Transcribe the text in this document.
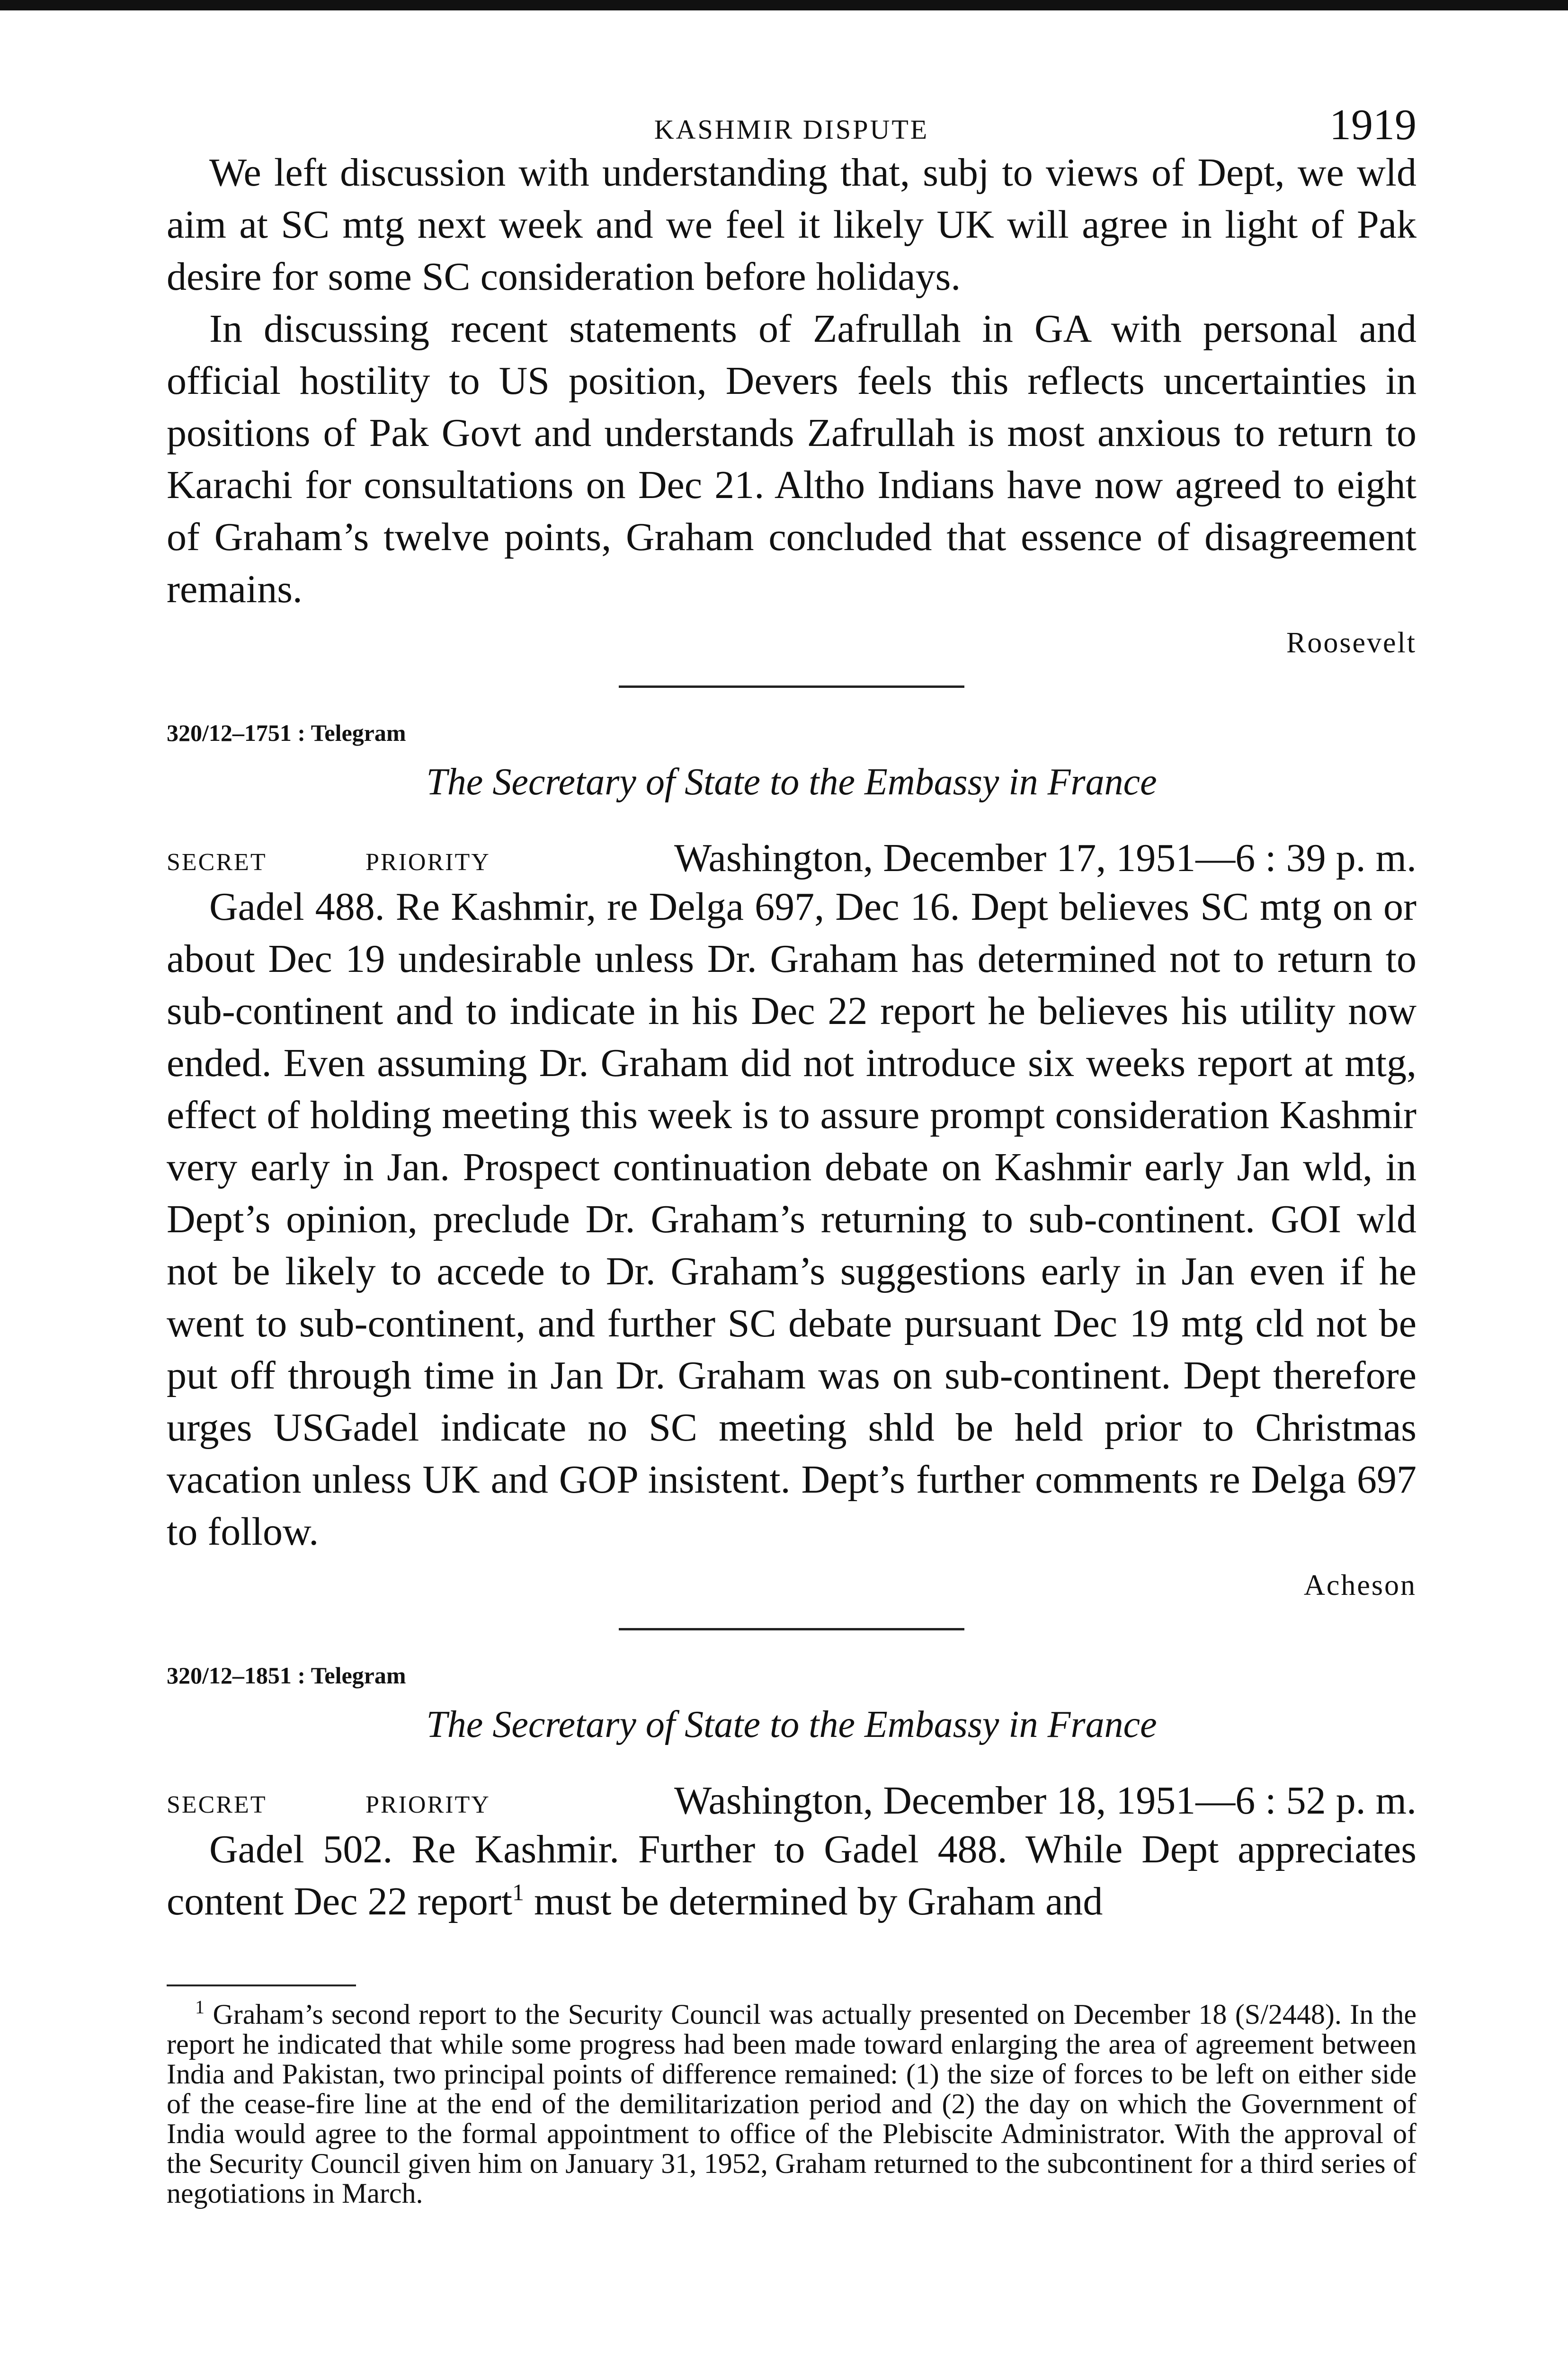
KASHMIR DISPUTE	1919

We left discussion with understanding that, subj to views of Dept, we wld aim at SC mtg next week and we feel it likely UK will agree in light of Pak desire for some SC consideration before holidays.

In discussing recent statements of Zafrullah in GA with personal and official hostility to US position, Devers feels this reflects uncertainties in positions of Pak Govt and understands Zafrullah is most anxious to return to Karachi for consultations on Dec 21. Altho Indians have now agreed to eight of Graham’s twelve points, Graham concluded that essence of disagreement remains.

Roosevelt
320/12–1751 : Telegram
The Secretary of State to the Embassy in France
SECRET	PRIORITY	Washington, December 17, 1951—6 : 39 p. m.

Gadel 488. Re Kashmir, re Delga 697, Dec 16. Dept believes SC mtg on or about Dec 19 undesirable unless Dr. Graham has determined not to return to sub-continent and to indicate in his Dec 22 report he believes his utility now ended. Even assuming Dr. Graham did not introduce six weeks report at mtg, effect of holding meeting this week is to assure prompt consideration Kashmir very early in Jan. Prospect continuation debate on Kashmir early Jan wld, in Dept’s opinion, preclude Dr. Graham’s returning to sub-continent. GOI wld not be likely to accede to Dr. Graham’s suggestions early in Jan even if he went to sub-continent, and further SC debate pursuant Dec 19 mtg cld not be put off through time in Jan Dr. Graham was on sub-continent. Dept therefore urges USGadel indicate no SC meeting shld be held prior to Christmas vacation unless UK and GOP insistent. Dept’s further comments re Delga 697 to follow.

Acheson
320/12–1851 : Telegram
The Secretary of State to the Embassy in France
SECRET	PRIORITY	Washington, December 18, 1951—6 : 52 p. m.

Gadel 502. Re Kashmir. Further to Gadel 488. While Dept appreciates content Dec 22 report$^1$ must be determined by Graham and

$^1$ Graham’s second report to the Security Council was actually presented on December 18 (S/2448). In the report he indicated that while some progress had been made toward enlarging the area of agreement between India and Pakistan, two principal points of difference remained: (1) the size of forces to be left on either side of the cease-fire line at the end of the demilitarization period and (2) the day on which the Government of India would agree to the formal appointment to office of the Plebiscite Administrator. With the approval of the Security Council given him on January 31, 1952, Graham returned to the subcontinent for a third series of negotiations in March.
